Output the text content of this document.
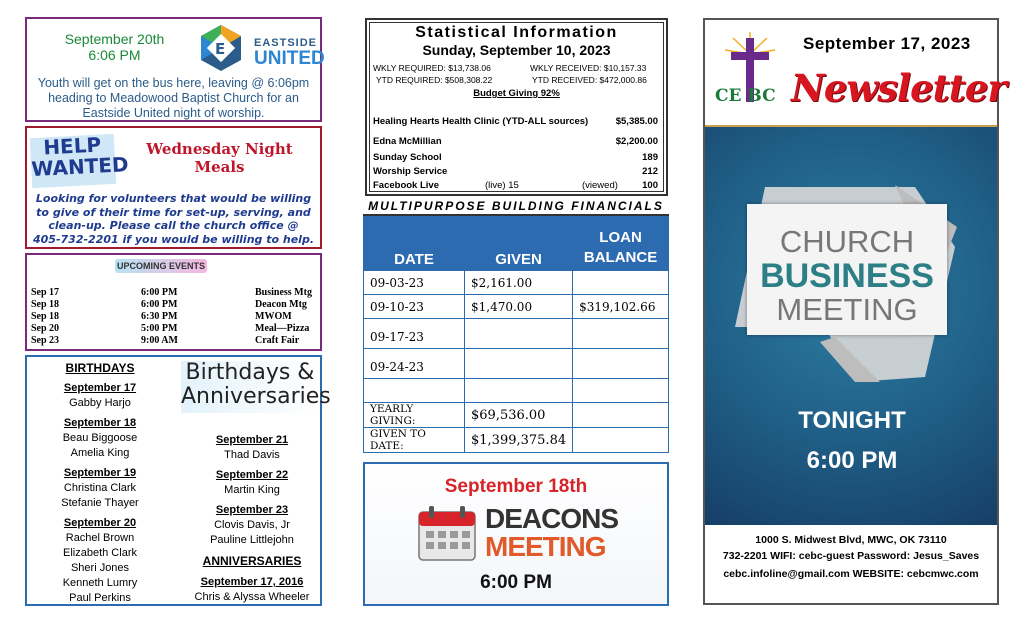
September 20th
6:06 PM	E	EASTSIDE
UNITED
Youth will get on the bus here, leaving @ 6:06pm heading to Meadowood Baptist Church for an Eastside United night of worship.
HELP
WANTED
Wednesday Night
Meals
Looking for volunteers that would be willing to give of their time for set-up, serving, and clean-up. Please call the church office @ 405-732-2201 if you would be willing to help.
UPCOMING EVENTS
Sep 17	6:00 PM	Business Mtg
Sep 18	6:00 PM	Deacon Mtg
Sep 18	6:30 PM	MWOM
Sep 20	5:00 PM	Meal—Pizza
Sep 23	9:00 AM	Craft Fair
Birthdays &
Anniversaries
BIRTHDAYS
September 17
Gabby Harjo
September 18
Beau Biggoose
Amelia King
September 19
Christina Clark
Stefanie Thayer
September 20
Rachel Brown
Elizabeth Clark
Sheri Jones
Kenneth Lumry
Paul Perkins
September 21
Thad Davis
September 22
Martin King
September 23
Clovis Davis, Jr
Pauline Littlejohn
ANNIVERSARIES
September 17, 2016
Chris & Alyssa Wheeler
Statistical Information
Sunday, September 10, 2023
WKLY REQUIRED: $13,738.06	WKLY RECEIVED: $10,157.33
YTD REQUIRED: $508,308.22	YTD RECEIVED: $472,000.86
Budget Giving 92%
Healing Hearts Health Clinic (YTD-ALL sources)	$5,385.00
Edna McMillian	$2,200.00
Sunday School	189
Worship Service	212
Facebook Live	(live) 15	(viewed)	100
MULTIPURPOSE BUILDING FINANCIALS
DATE	GIVEN	LOAN BALANCE
09-03-23	$2,161.00	
09-10-23	$1,470.00	$319,102.66
09-17-23		
09-24-23		

YEARLY GIVING:	$69,536.00	
GIVEN TO DATE:	$1,399,375.84	
September 18th
DEACONS
MEETING
6:00 PM
CE BC
September 17, 2023
Newsletter
1000 S. Midwest Blvd, MWC, OK 73110
732-2201 WIFI: cebc-guest Password: Jesus_Saves
cebc.infoline@gmail.com WEBSITE: cebcmwc.com
CHURCH
BUSINESS
MEETING
TONIGHT
6:00 PM
